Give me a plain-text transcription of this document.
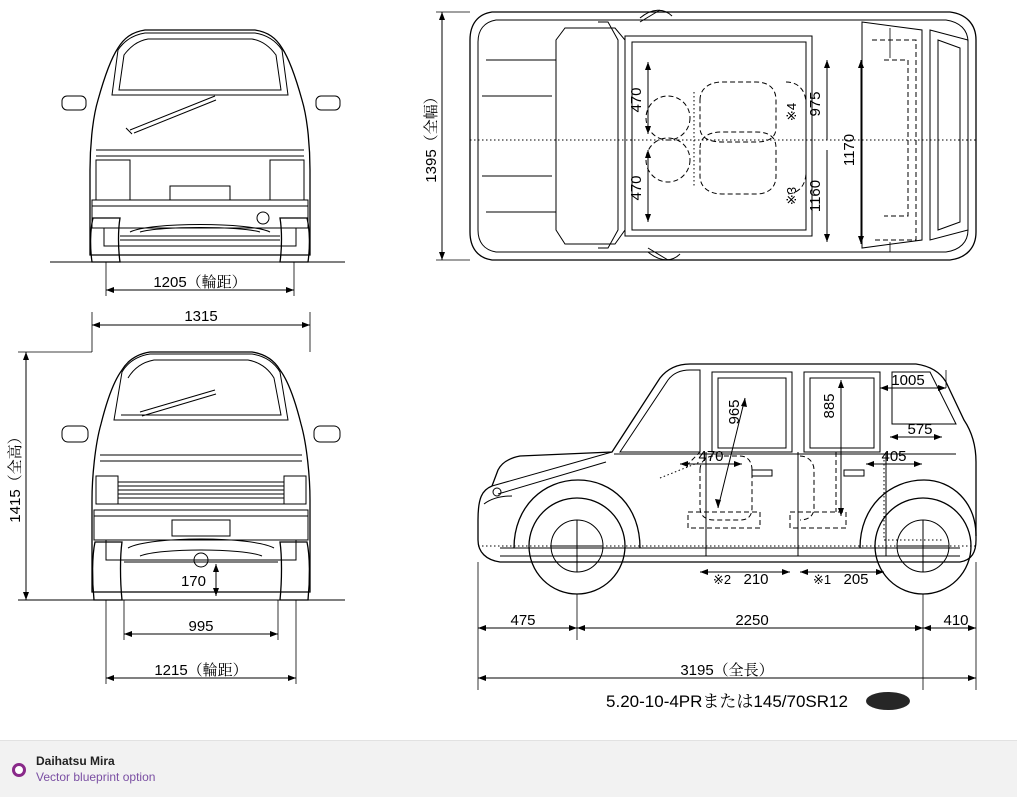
1205（輪距）
1395（全幅）	470
470
※4
※3
975
1160
1170
1315
1415（全高）
170
995
1215（輪距）
965	885
1005
575
470	405
※2 210	※1 205
475	2250	410
3195（全長）
5.20-10-4PRまたは145/70SR12
Daihatsu Mira
Vector blueprint option
